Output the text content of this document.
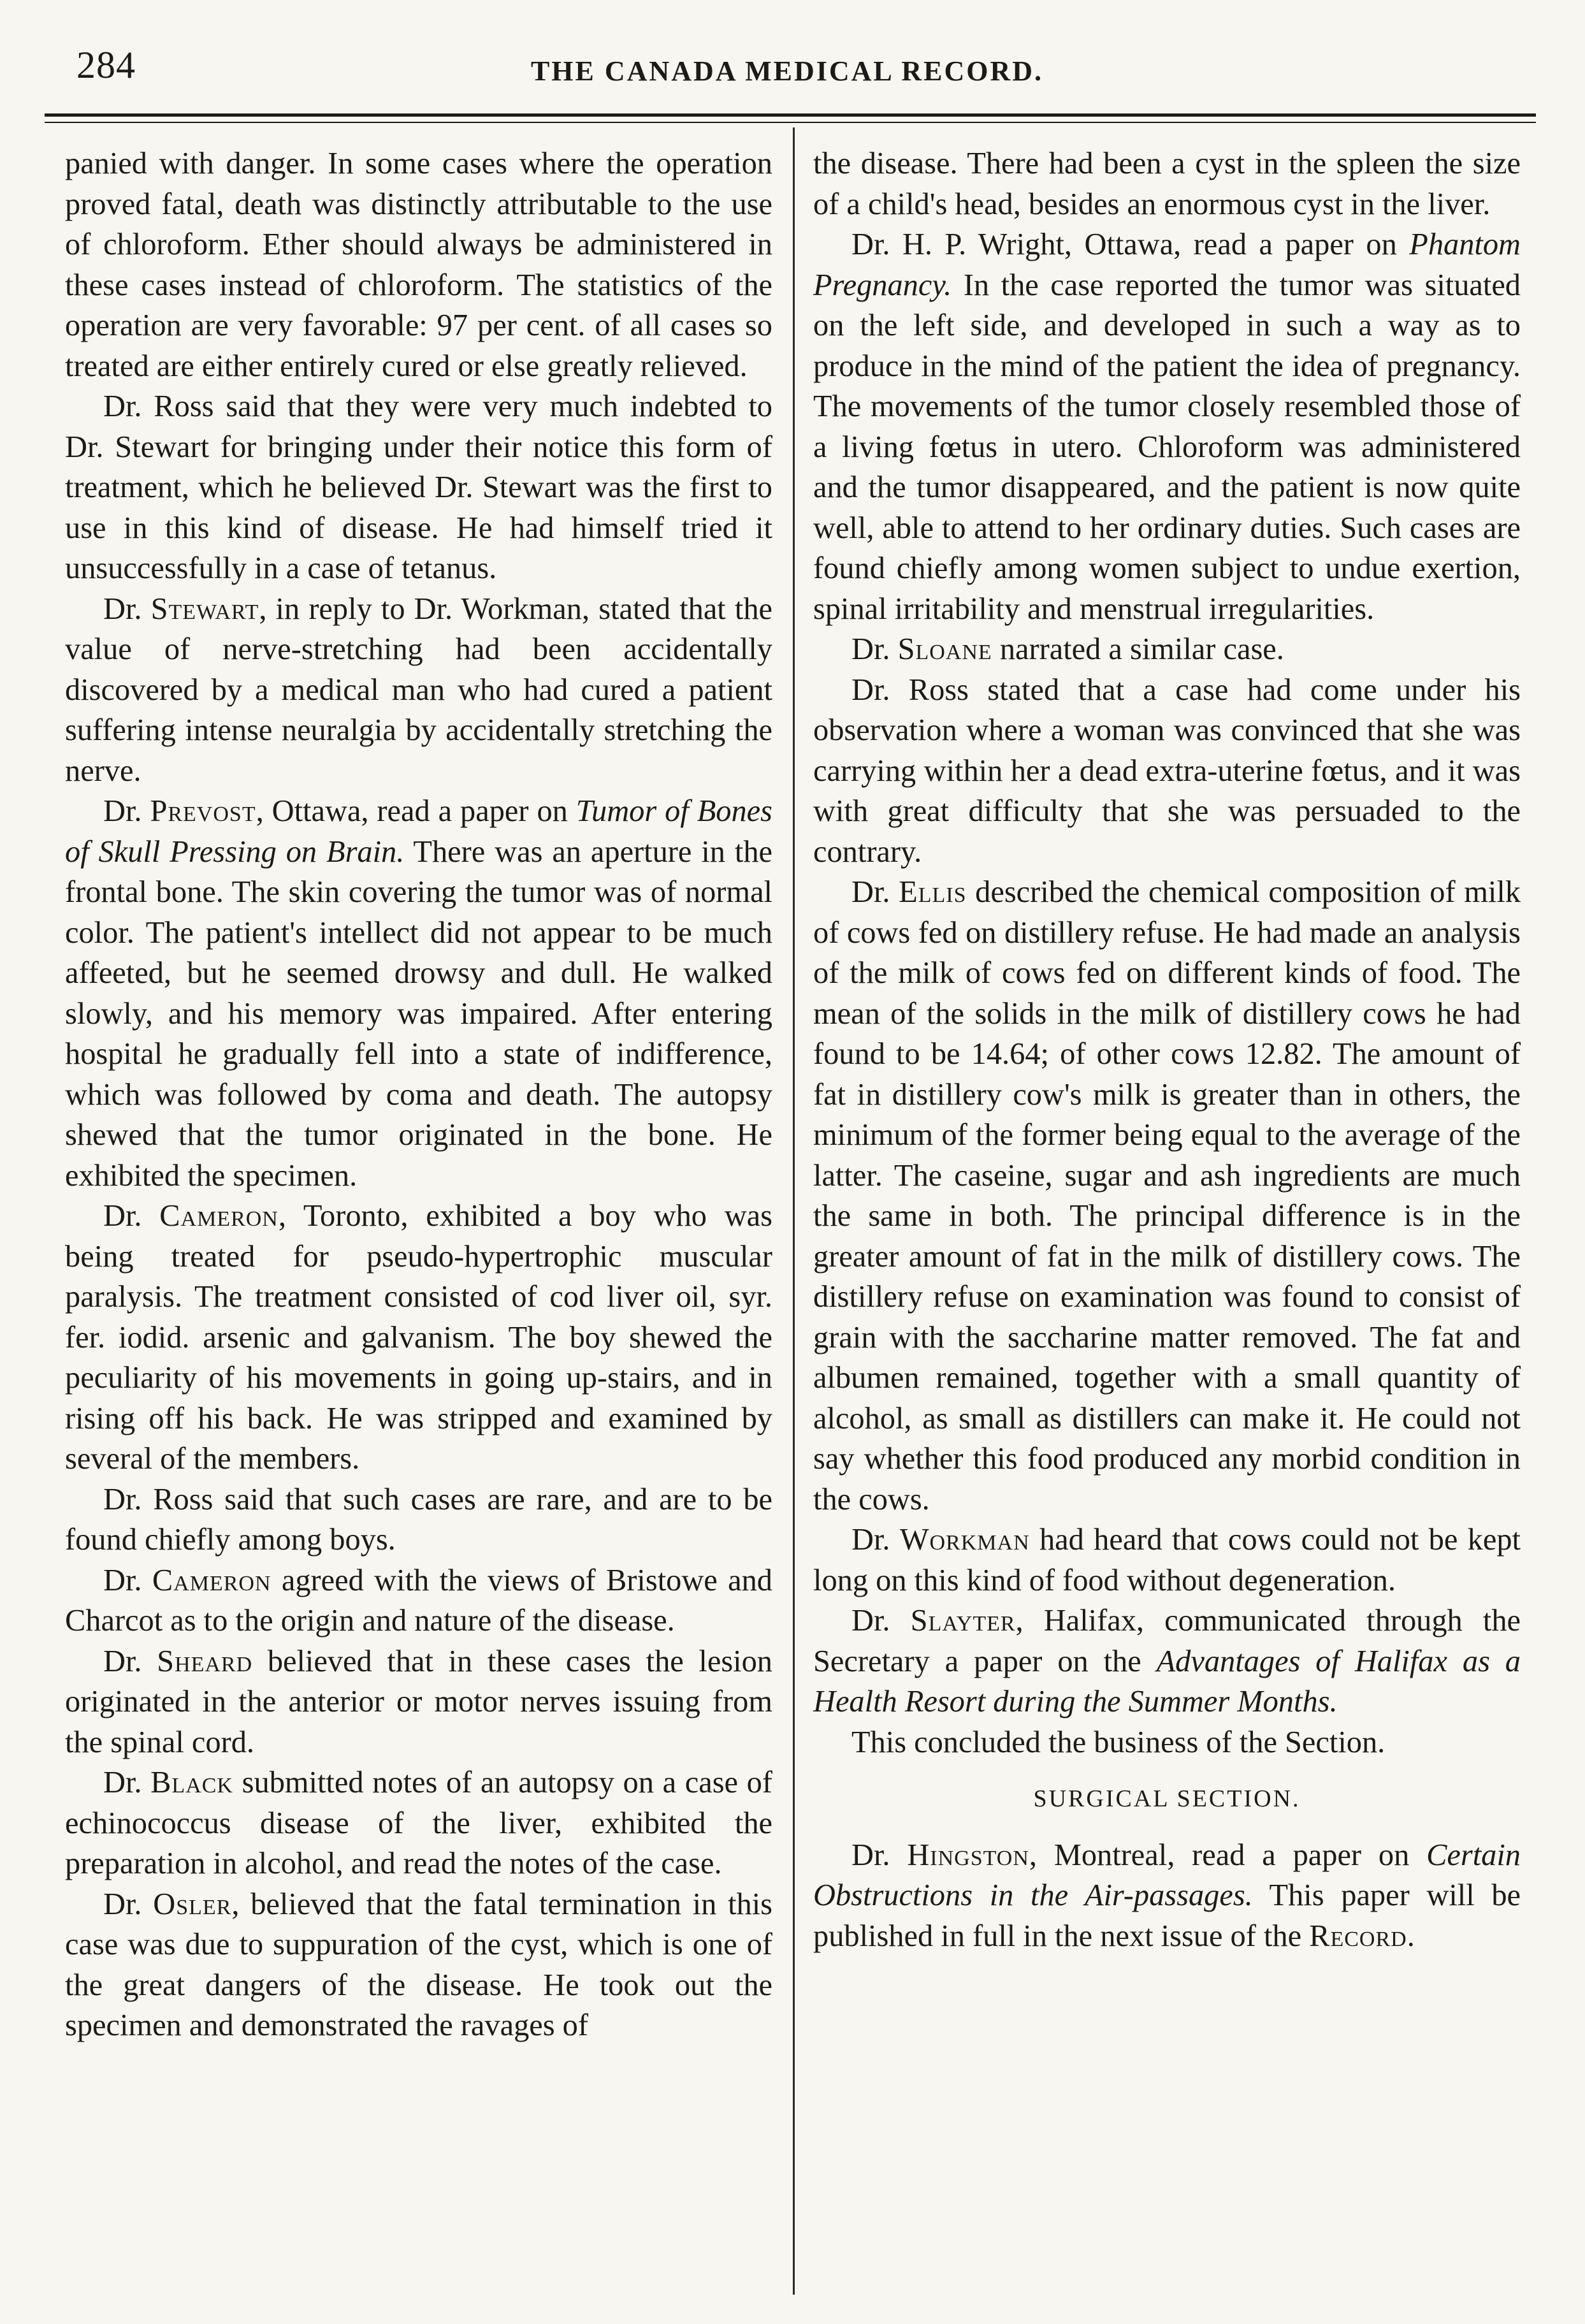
284	THE CANADA MEDICAL RECORD.

panied with danger. In some cases where the operation proved fatal, death was distinctly attributable to the use of chloroform. Ether should always be administered in these cases instead of chloroform. The statistics of the operation are very favorable: 97 per cent. of all cases so treated are either entirely cured or else greatly relieved.

Dr. Ross said that they were very much indebted to Dr. Stewart for bringing under their notice this form of treatment, which he believed Dr. Stewart was the first to use in this kind of disease. He had himself tried it unsuccessfully in a case of tetanus.

Dr. Stewart, in reply to Dr. Workman, stated that the value of nerve-stretching had been accidentally discovered by a medical man who had cured a patient suffering intense neuralgia by accidentally stretching the nerve.

Dr. Prevost, Ottawa, read a paper on Tumor of Bones of Skull Pressing on Brain. There was an aperture in the frontal bone. The skin covering the tumor was of normal color. The patient's intellect did not appear to be much affeeted, but he seemed drowsy and dull. He walked slowly, and his memory was impaired. After entering hospital he gradually fell into a state of indifference, which was followed by coma and death. The autopsy shewed that the tumor originated in the bone. He exhibited the specimen.

Dr. Cameron, Toronto, exhibited a boy who was being treated for pseudo-hypertrophic muscular paralysis. The treatment consisted of cod liver oil, syr. fer. iodid. arsenic and galvanism. The boy shewed the peculiarity of his movements in going up-stairs, and in rising off his back. He was stripped and examined by several of the members.

Dr. Ross said that such cases are rare, and are to be found chiefly among boys.

Dr. Cameron agreed with the views of Bristowe and Charcot as to the origin and nature of the disease.

Dr. Sheard believed that in these cases the lesion originated in the anterior or motor nerves issuing from the spinal cord.

Dr. Black submitted notes of an autopsy on a case of echinococcus disease of the liver, exhibited the preparation in alcohol, and read the notes of the case.

Dr. Osler, believed that the fatal termination in this case was due to suppuration of the cyst, which is one of the great dangers of the disease. He took out the specimen and demonstrated the ravages of

the disease. There had been a cyst in the spleen the size of a child's head, besides an enormous cyst in the liver.

Dr. H. P. Wright, Ottawa, read a paper on Phantom Pregnancy. In the case reported the tumor was situated on the left side, and developed in such a way as to produce in the mind of the patient the idea of pregnancy. The movements of the tumor closely resembled those of a living fœtus in utero. Chloroform was administered and the tumor disappeared, and the patient is now quite well, able to attend to her ordinary duties. Such cases are found chiefly among women subject to undue exertion, spinal irritability and menstrual irregularities.

Dr. Sloane narrated a similar case.

Dr. Ross stated that a case had come under his observation where a woman was convinced that she was carrying within her a dead extra-uterine fœtus, and it was with great difficulty that she was persuaded to the contrary.

Dr. Ellis described the chemical composition of milk of cows fed on distillery refuse. He had made an analysis of the milk of cows fed on different kinds of food. The mean of the solids in the milk of distillery cows he had found to be 14.64; of other cows 12.82. The amount of fat in distillery cow's milk is greater than in others, the minimum of the former being equal to the average of the latter. The caseine, sugar and ash ingredients are much the same in both. The principal difference is in the greater amount of fat in the milk of distillery cows. The distillery refuse on examination was found to consist of grain with the saccharine matter removed. The fat and albumen remained, together with a small quantity of alcohol, as small as distillers can make it. He could not say whether this food produced any morbid condition in the cows.

Dr. Workman had heard that cows could not be kept long on this kind of food without degeneration.

Dr. Slayter, Halifax, communicated through the Secretary a paper on the Advantages of Halifax as a Health Resort during the Summer Months.

This concluded the business of the Section.

SURGICAL SECTION.

Dr. Hingston, Montreal, read a paper on Certain Obstructions in the Air-passages. This paper will be published in full in the next issue of the Record.
